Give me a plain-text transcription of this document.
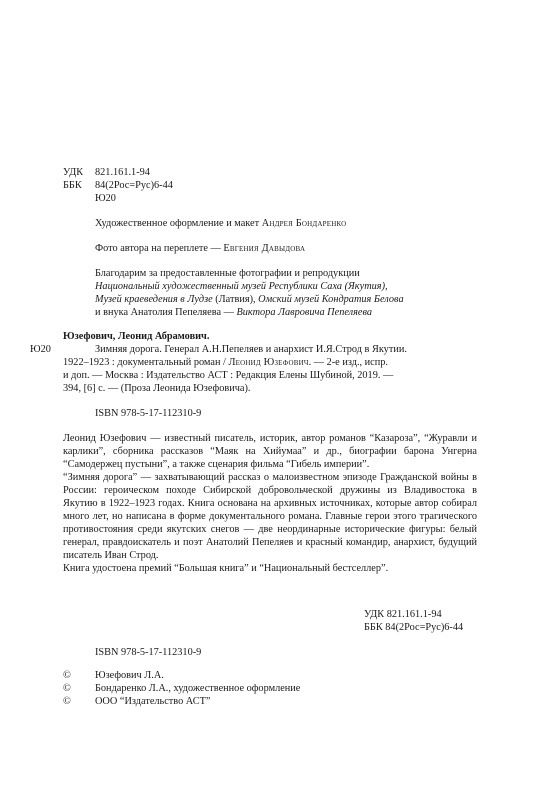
УДК 821.161.1-94
ББК 84(2Рос=Рус)6-44
Ю20
Художественное оформление и макет Андрея Бондаренко
Фото автора на переплете — Евгения Давыдова
Благодарим за предоставленные фотографии и репродукции
Национальный художественный музей Республики Саха (Якутия),
Музей краеведения в Лудзе (Латвия), Омский музей Кондратия Белова
и внука Анатолия Пепеляева — Виктора Лавровича Пепеляева
Юзефович, Леонид Абрамович.
Ю20	Зимняя дорога. Генерал А.Н.Пепеляев и анархист И.Я.Строд в Якутии.
1922–1923 : документальный роман / Леонид Юзефович. — 2-е изд., испр.
и доп. — Москва : Издательство АСТ : Редакция Елены Шубиной, 2019. —
394, [6] с. — (Проза Леонида Юзефовича).
ISBN 978-5-17-112310-9

Леонид Юзефович — известный писатель, историк, автор романов “Казароза”, “Журавли и карлики”, сборника рассказов “Маяк на Хийумаа” и др., биографии барона Унгерна “Самодержец пустыни”, а также сценария фильма “Гибель империи”.

“Зимняя дорога” — захватывающий рассказ о малоизвестном эпизоде Гражданской войны в России: героическом походе Сибирской добровольческой дружины из Владивостока в Якутию в 1922–1923 годах. Книга основана на архивных источниках, которые автор собирал много лет, но написана в форме документального романа. Главные герои этого трагического противостояния среди якутских снегов — две неординарные исторические фигуры: белый генерал, правдоискатель и поэт Анатолий Пепеляев и красный командир, анархист, будущий писатель Иван Строд.

Книга удостоена премий “Большая книга” и “Национальный бестселлер”.

УДК 821.161.1-94
ББК 84(2Рос=Рус)6-44
ISBN 978-5-17-112310-9
© Юзефович Л.А.
© Бондаренко Л.А., художественное оформление
© ООО “Издательство АСТ”
